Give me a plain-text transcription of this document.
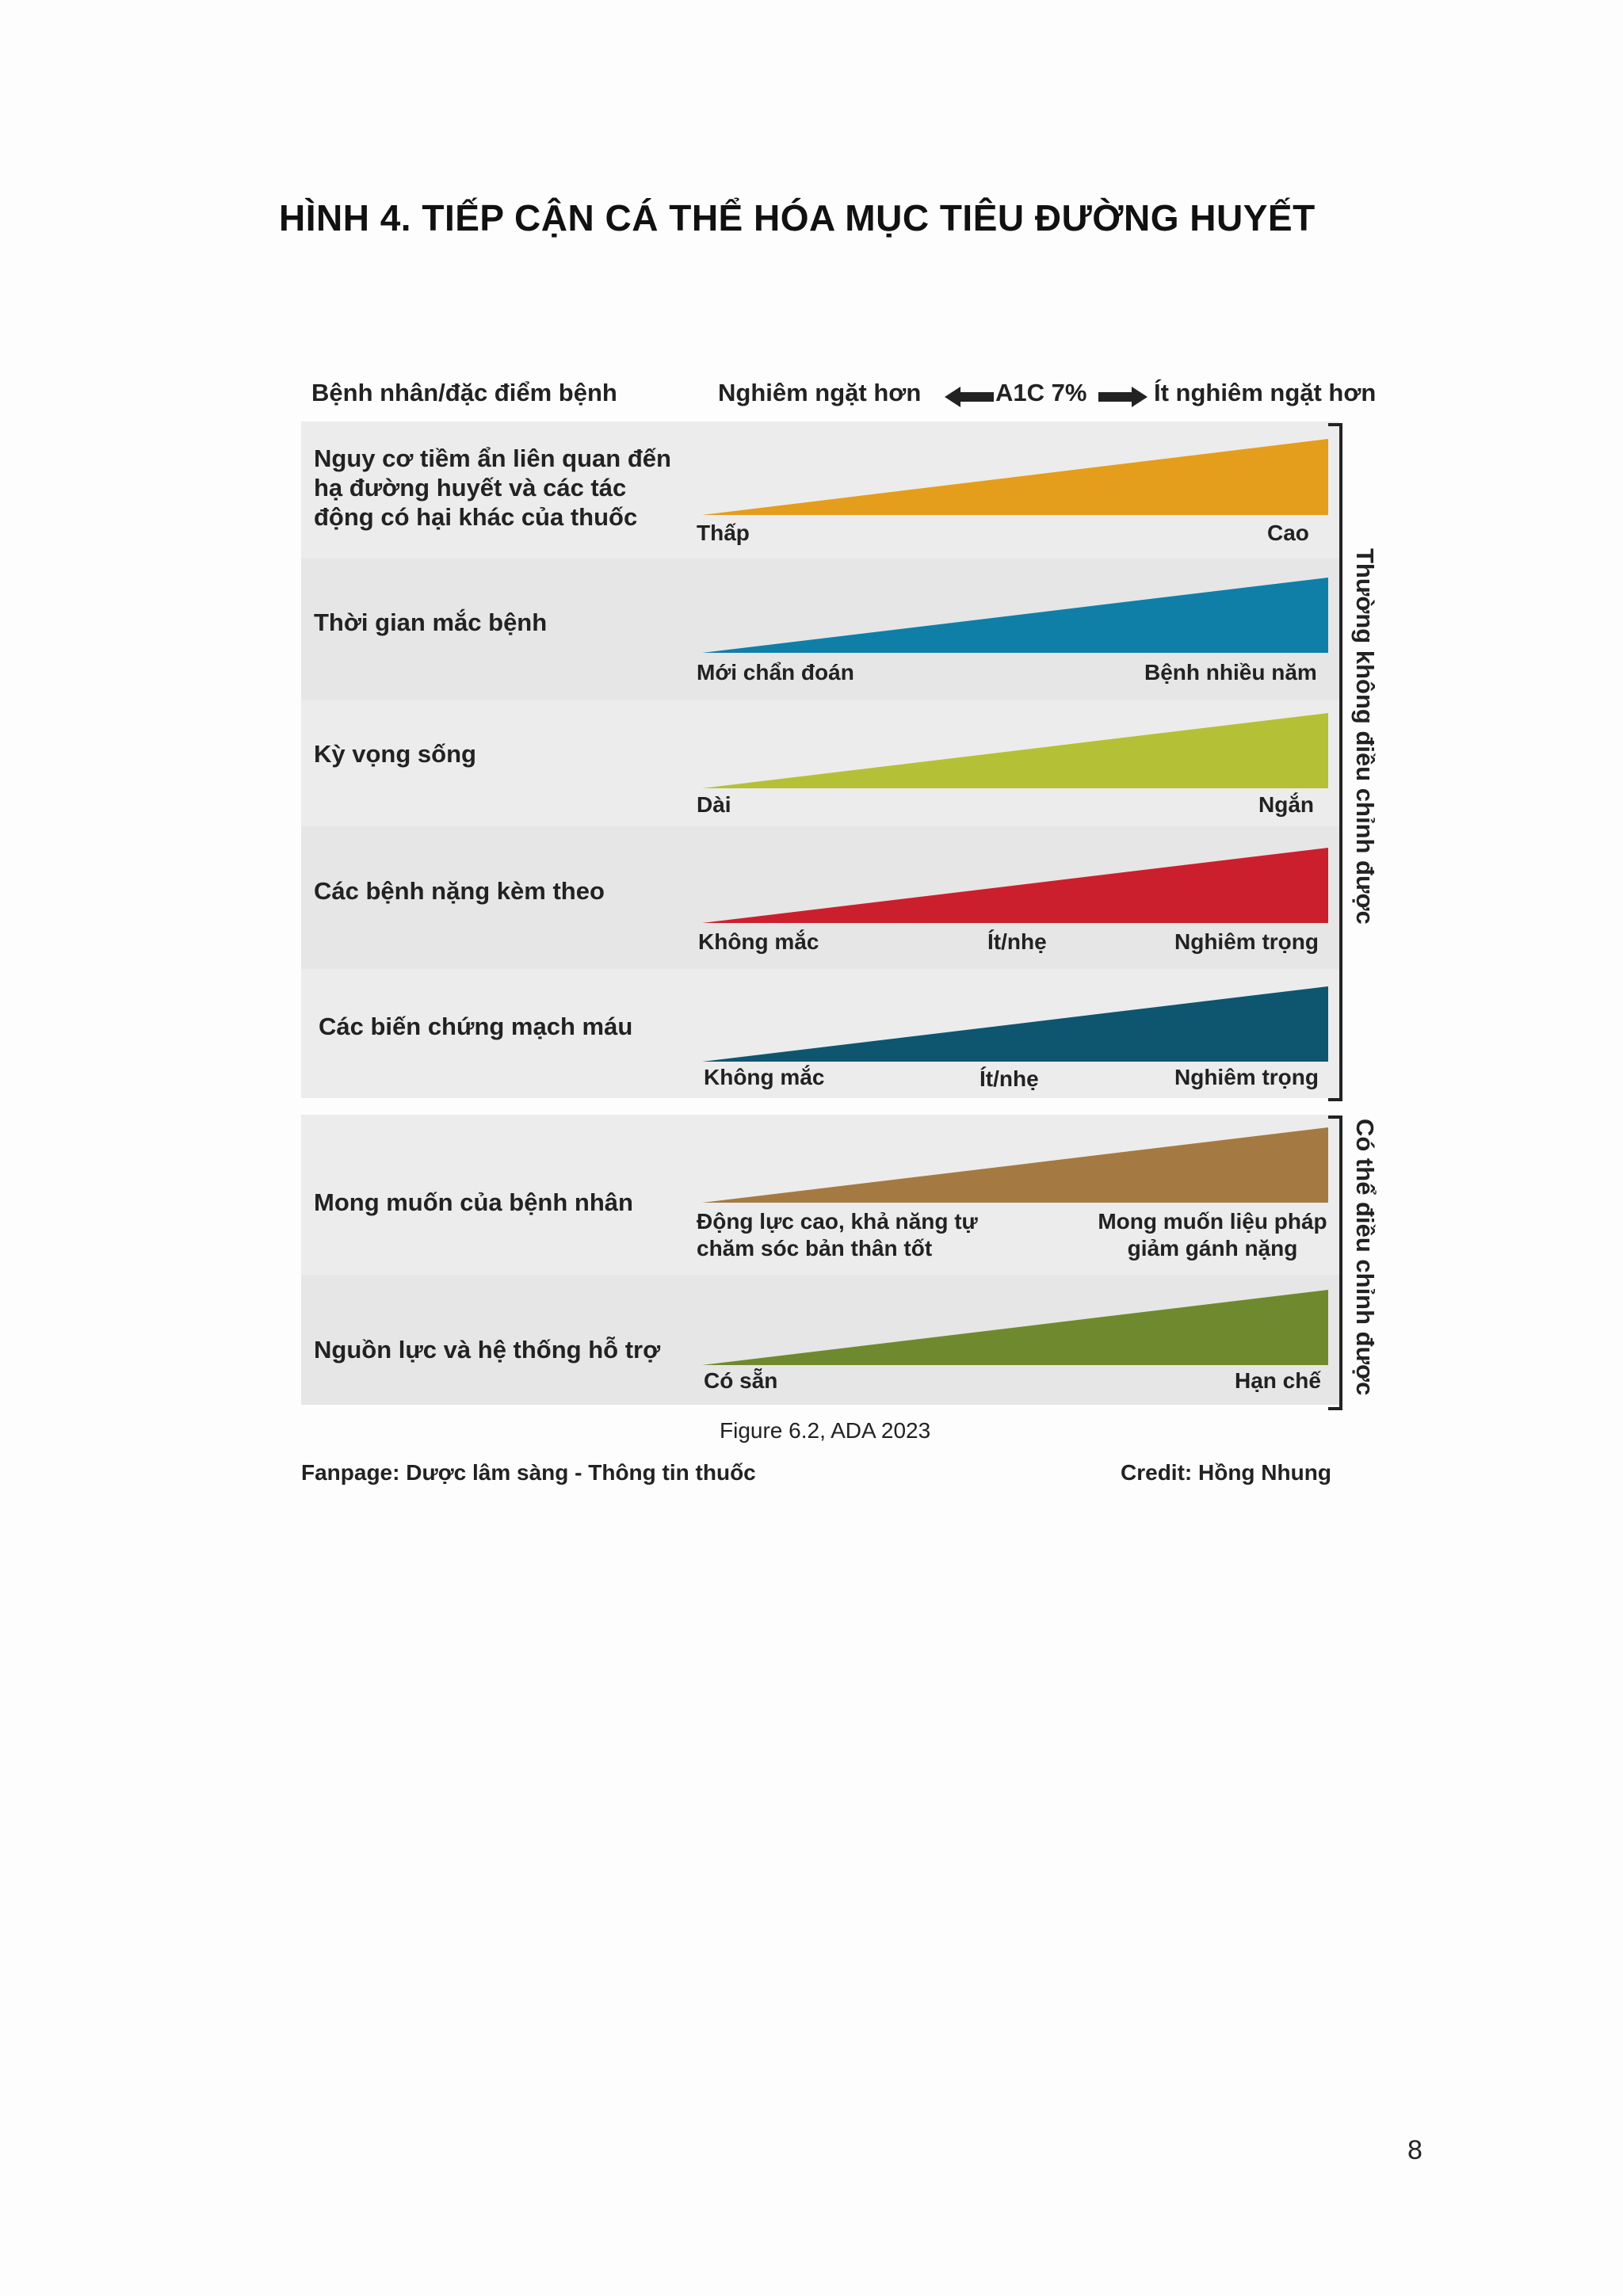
HÌNH 4. TIẾP CẬN CÁ THỂ HÓA MỤC TIÊU ĐƯỜNG HUYẾT
Bệnh nhân/đặc điểm bệnh	Nghiêm ngặt hơn	A1C 7%	Ít nghiêm ngặt hơn
Nguy cơ tiềm ẩn liên quan đến hạ đường huyết và các tác động có hại khác của thuốc
Thấp	Cao
Thời gian mắc bệnh
Mới chẩn đoán	Bệnh nhiều năm
Kỳ vọng sống
Dài	Ngắn
Các bệnh nặng kèm theo
Không mắc	Ít/nhẹ	Nghiêm trọng
Các biến chứng mạch máu
Không mắc	Ít/nhẹ	Nghiêm trọng
Mong muốn của bệnh nhân
Động lực cao, khả năng tự chăm sóc bản thân tốt
Mong muốn liệu pháp giảm gánh nặng
Nguồn lực và hệ thống hỗ trợ
Có sẵn	Hạn chế
Thường không điều chỉnh được
Có thể điều chỉnh được
Figure 6.2, ADA 2023
Fanpage: Dược lâm sàng - Thông tin thuốc	Credit: Hồng Nhung
8
